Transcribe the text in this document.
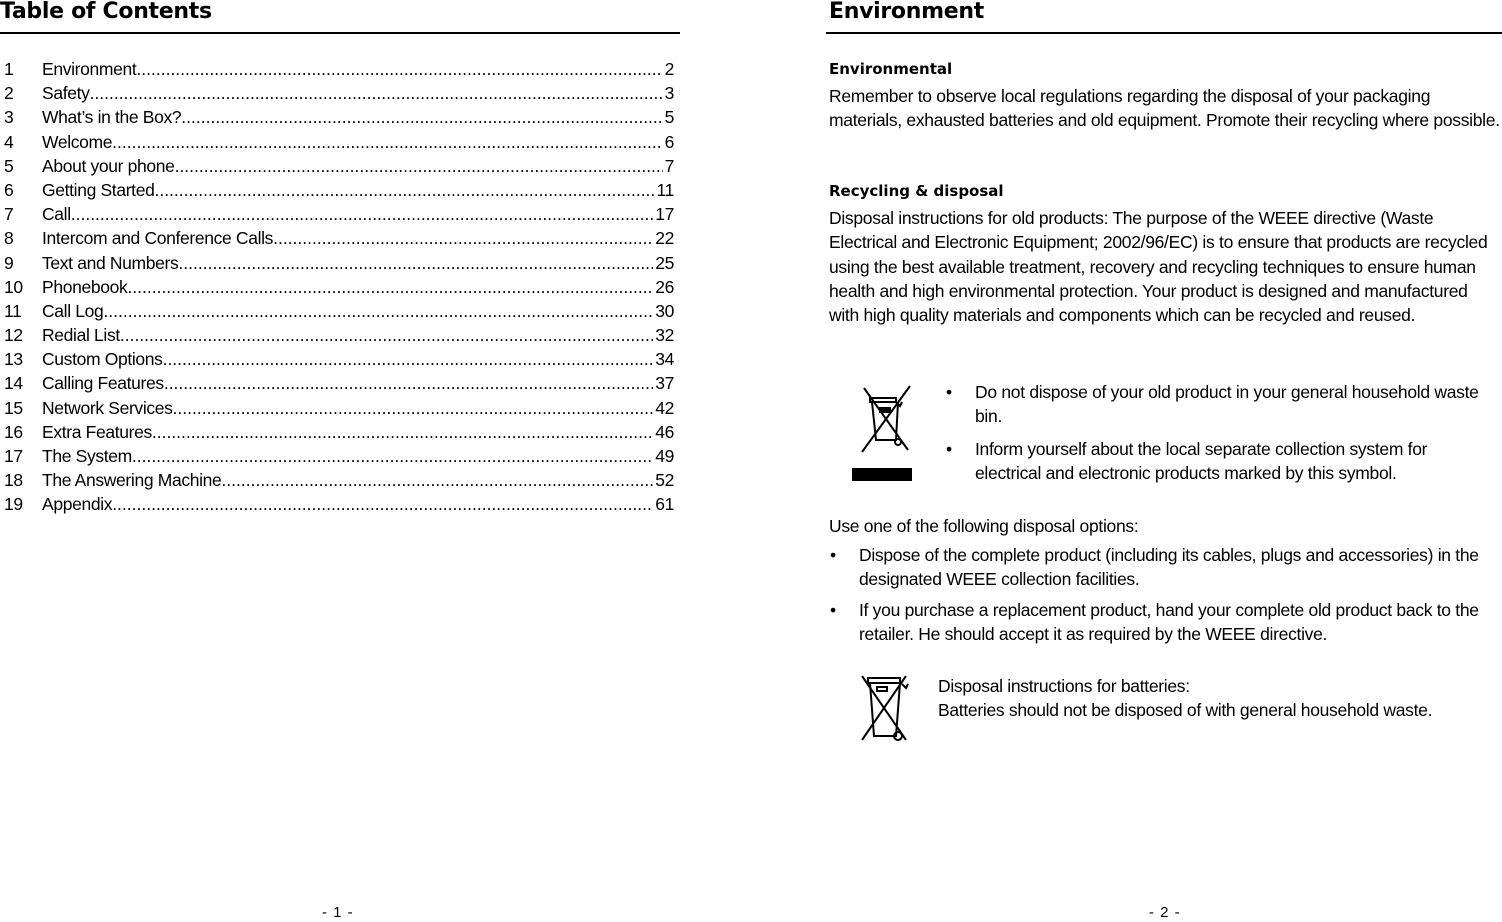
Table of Contents
1	Environment .....	2
2	Safety .....	3
3	What’s in the Box? .....	5
4	Welcome .....	6
5	About your phone .....	7
6	Getting Started .....	11
7	Call .....	17
8	Intercom and Conference Calls .....	22
9	Text and Numbers .....	25
10	Phonebook .....	26
11	Call Log .....	30
12	Redial List .....	32
13	Custom Options .....	34
14	Calling Features .....	37
15	Network Services .....	42
16	Extra Features .....	46
17	The System .....	49
18	The Answering Machine .....	52
19	Appendix .....	61
- 1 -
Environment
Environmental

Remember to observe local regulations regarding the disposal of your packaging materials, exhausted batteries and old equipment. Promote their recycling where possible.

Recycling & disposal

Disposal instructions for old products: The purpose of the WEEE directive (Waste Electrical and Electronic Equipment; 2002/96/EC) is to ensure that products are recycled using the best available treatment, recovery and recycling techniques to ensure human health and high environmental protection. Your product is designed and manufactured with high quality materials and components which can be recycled and reused.

•	Do not dispose of your old product in your general household waste bin.
•	Inform yourself about the local separate collection system for electrical and electronic products marked by this symbol.

Use one of the following disposal options:

•	Dispose of the complete product (including its cables, plugs and accessories) in the designated WEEE collection facilities.
•	If you purchase a replacement product, hand your complete old product back to the retailer. He should accept it as required by the WEEE directive.
Disposal instructions for batteries:
Batteries should not be disposed of with general household waste.
- 2 -
